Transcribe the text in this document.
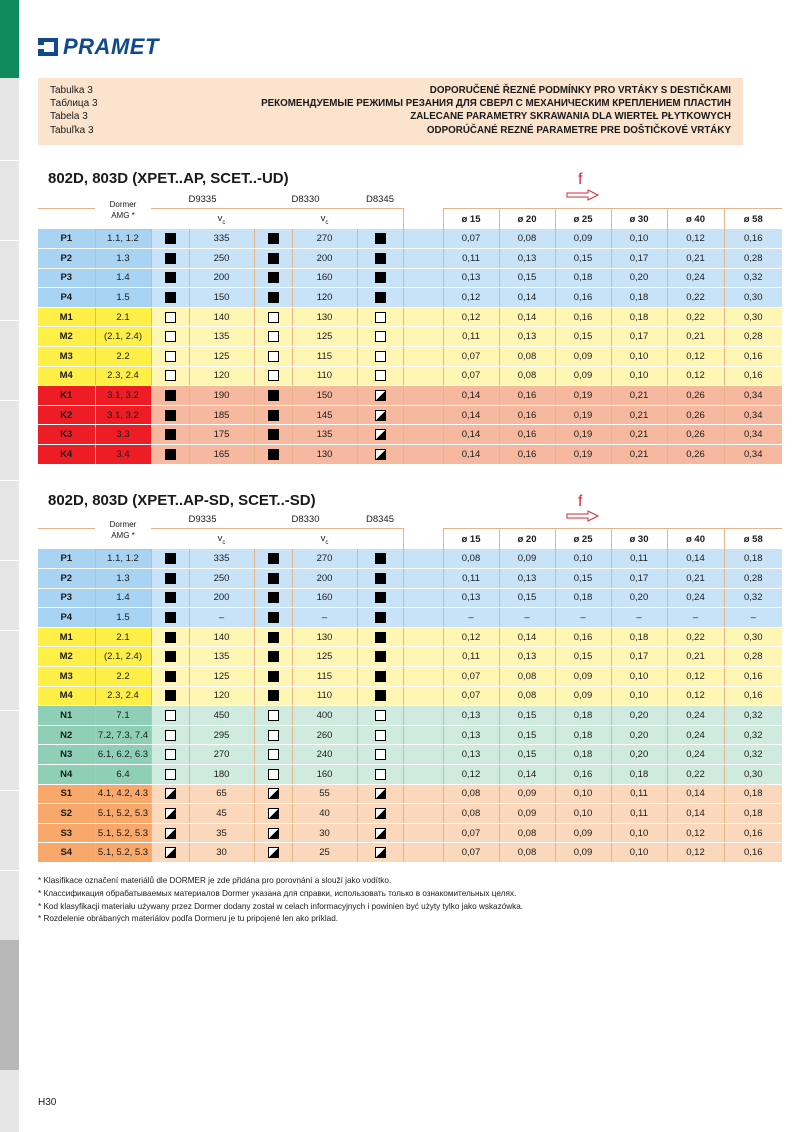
PRAMET
Tabulka 3
Таблица 3
Tabela 3
Tabuľka 3
DOPORUČENÉ ŘEZNÉ PODMÍNKY PRO VRTÁKY S DESTIČKAMI
РЕКОМЕНДУЕМЫЕ РЕЖИМЫ РЕЗАНИЯ ДЛЯ СВЕРЛ С МЕХАНИЧЕСКИМ КРЕПЛЕНИЕМ ПЛАСТИН
ZALECANE PARAMETRY SKRAWANIA DLA WIERTEŁ PŁYTKOWYCH
ODPORÚČANÉ REZNÉ PARAMETRE PRE DOŠTIČKOVÉ VRTÁKY
802D, 803D (XPET..AP, SCET..-UD)	f

	Dormer
AMG *	D9335		D8330		D8345							
			$v_c$		$v_c$			ø 15	ø 20	ø 25	ø 30	ø 40	ø 58
P1	1.1, 1.2		335		270			0,07	0,08	0,09	0,10	0,12	0,16
P2	1.3		250		200			0,11	0,13	0,15	0,17	0,21	0,28
P3	1.4		200		160			0,13	0,15	0,18	0,20	0,24	0,32
P4	1.5		150		120			0,12	0,14	0,16	0,18	0,22	0,30
M1	2.1		140		130			0,12	0,14	0,16	0,18	0,22	0,30
M2	(2.1, 2.4)		135		125			0,11	0,13	0,15	0,17	0,21	0,28
M3	2.2		125		115			0,07	0,08	0,09	0,10	0,12	0,16
M4	2.3, 2.4		120		110			0,07	0,08	0,09	0,10	0,12	0,16
K1	3.1, 3.2		190		150			0,14	0,16	0,19	0,21	0,26	0,34
K2	3.1, 3.2		185		145			0,14	0,16	0,19	0,21	0,26	0,34
K3	3.3		175		135			0,14	0,16	0,19	0,21	0,26	0,34
K4	3.4		165		130			0,14	0,16	0,19	0,21	0,26	0,34
802D, 803D (XPET..AP-SD, SCET..-SD)	f

	Dormer
AMG *	D9335		D8330		D8345							
			$v_c$		$v_c$			ø 15	ø 20	ø 25	ø 30	ø 40	ø 58
P1	1.1, 1.2		335		270			0,08	0,09	0,10	0,11	0,14	0,18
P2	1.3		250		200			0,11	0,13	0,15	0,17	0,21	0,28
P3	1.4		200		160			0,13	0,15	0,18	0,20	0,24	0,32
P4	1.5		–		–			–	–	–	–	–	–
M1	2.1		140		130			0,12	0,14	0,16	0,18	0,22	0,30
M2	(2.1, 2.4)		135		125			0,11	0,13	0,15	0,17	0,21	0,28
M3	2.2		125		115			0,07	0,08	0,09	0,10	0,12	0,16
M4	2.3, 2.4		120		110			0,07	0,08	0,09	0,10	0,12	0,16
N1	7.1		450		400			0,13	0,15	0,18	0,20	0,24	0,32
N2	7.2, 7.3, 7.4		295		260			0,13	0,15	0,18	0,20	0,24	0,32
N3	6.1, 6.2, 6.3		270		240			0,13	0,15	0,18	0,20	0,24	0,32
N4	6.4		180		160			0,12	0,14	0,16	0,18	0,22	0,30
S1	4.1, 4.2, 4.3		65		55			0,08	0,09	0,10	0,11	0,14	0,18
S2	5.1, 5.2, 5.3		45		40			0,08	0,09	0,10	0,11	0,14	0,18
S3	5.1, 5.2, 5.3		35		30			0,07	0,08	0,09	0,10	0,12	0,16
S4	5.1, 5.2, 5.3		30		25			0,07	0,08	0,09	0,10	0,12	0,16
* Klasifikace označení materiálů dle DORMER je zde přidána pro porovnání a slouží jako vodítko.
* Классификация обрабатываемых материалов Dormer указана для справки, использовать только в ознакомительных целях.
* Kod klasyfikacji materiału używany przez Dormer dodany został w celach informacyjnych i powinien być użyty tylko jako wskazówka.
* Rozdelenie obrábaných materiálov podľa Dormeru je tu pripojené len ako príklad.
H30
